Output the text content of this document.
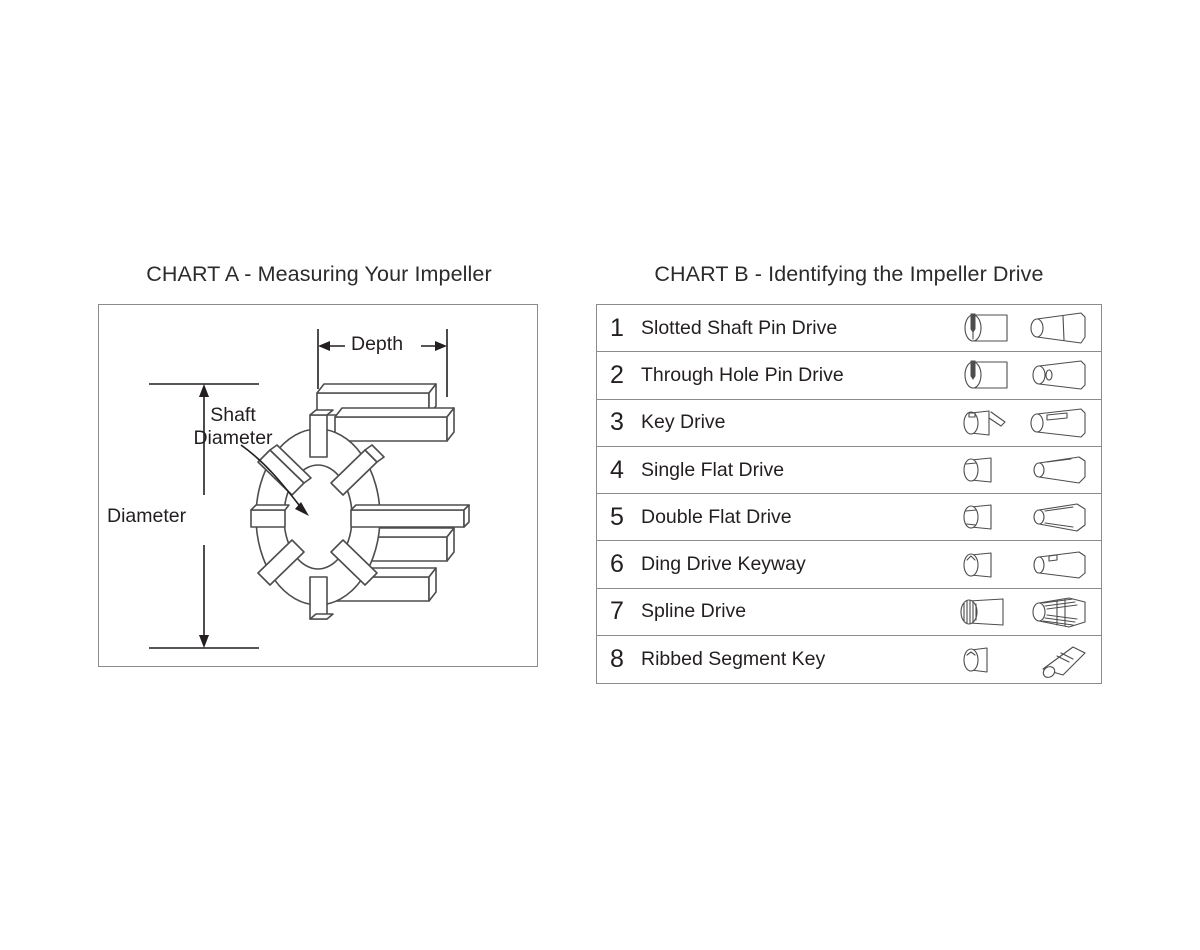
CHART A - Measuring Your Impeller
Depth
Shaft
Diameter
Diameter
CHART B - Identifying the Impeller Drive
1 Slotted Shaft Pin Drive
2 Through Hole Pin Drive
3 Key Drive
4 Single Flat Drive
5 Double Flat Drive
6 Ding Drive Keyway
7 Spline Drive
8 Ribbed Segment Key
